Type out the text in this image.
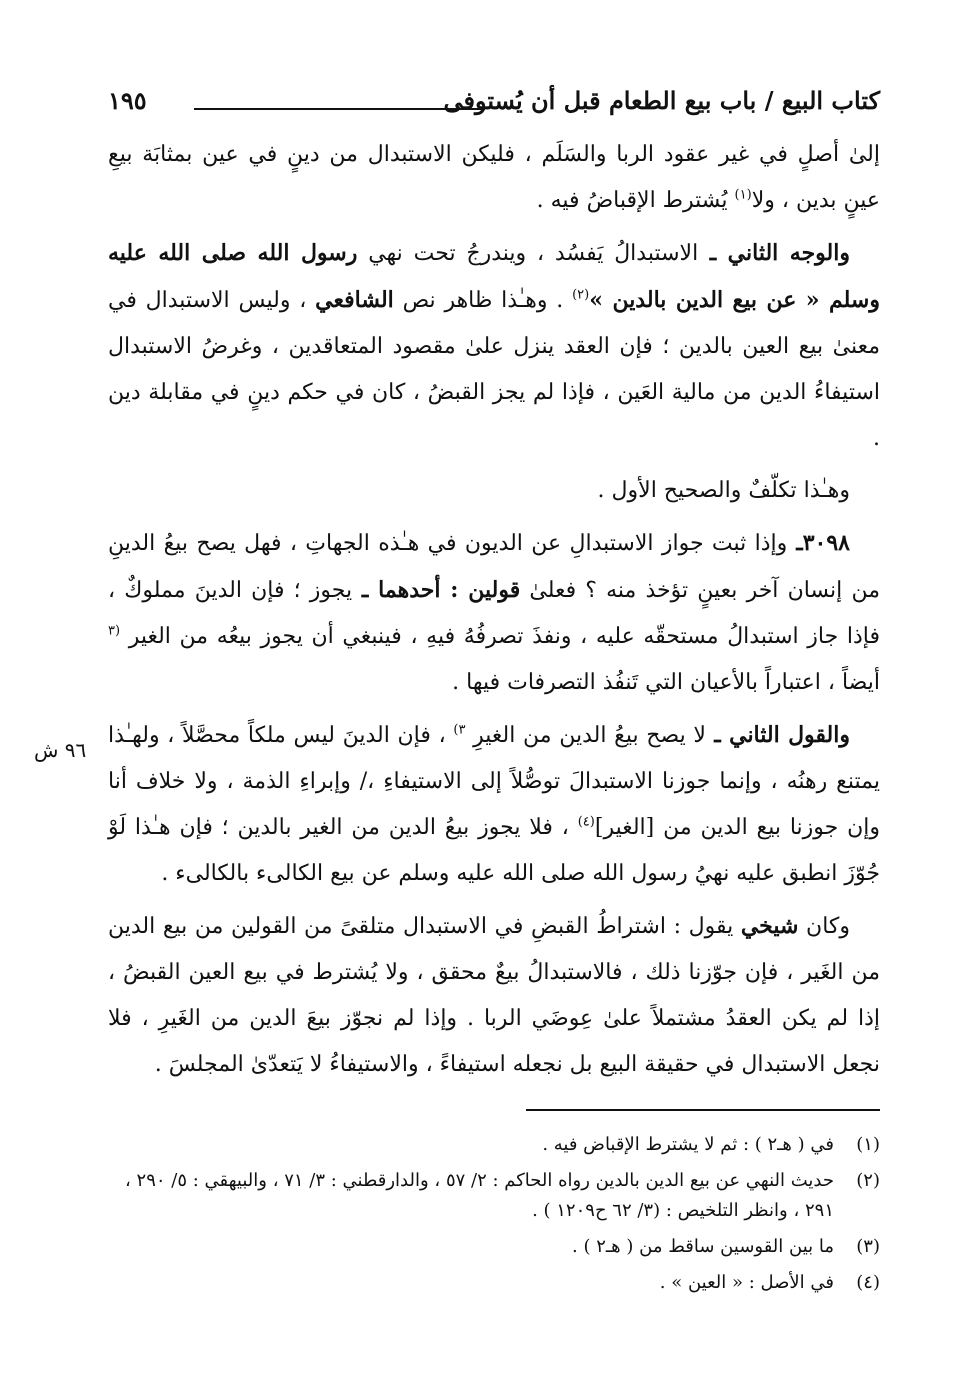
كتاب البيع / باب بيع الطعام قبل أن يُستوفى
١٩٥

إلىٰ أصلٍ في غير عقود الربا والسَلَم ، فليكن الاستبدال من دينٍ في عين بمثابَة بيعِ عينٍ بدين ، ولا$^{(١)}$ يُشترط الإقباضُ فيه .

والوجه الثاني ـ الاستبدالُ يَفسُد ، ويندرجُ تحت نهي رسول الله صلى الله عليه وسلم « عن بيع الدين بالدين »$^{(٢)}$ . وهـٰذا ظاهر نص الشافعي ، وليس الاستبدال في معنىٰ بيع العين بالدين ؛ فإن العقد ينزل علىٰ مقصود المتعاقدين ، وغرضُ الاستبدال استيفاءُ الدين من مالية العَين ، فإذا لم يجز القبضُ ، كان في حكم دينٍ في مقابلة دين .

وهـٰذا تكلّفٌ والصحيح الأول .

٣٠٩٨ـ وإذا ثبت جواز الاستبدالِ عن الديون في هـٰذه الجهاتِ ، فهل يصح بيعُ الدينِ من إنسان آخر بعينٍ تؤخذ منه ؟ فعلىٰ قولين : أحدهما ـ يجوز ؛ فإن الدينَ مملوكٌ ، فإذا جاز استبدالُ مستحقّه عليه ، ونفذَ تصرفُهُ فيهِ ، فينبغي أن يجوز بيعُه من الغير $^{(٣}$ أيضاً ، اعتباراً بالأعيان التي تَنفُذ التصرفات فيها .

والقول الثاني ـ لا يصح بيعُ الدين من الغيرِ $^{٣)}$ ، فإن الدينَ ليس ملكاً محصَّلاً ، ولهـٰذا يمتنع رهنُه ، وإنما جوزنا الاستبدالَ توصُّلاً إلى الاستيفاءِ ،/ وإبراءِ الذمة ، ولا خلاف أنا وإن جوزنا بيع الدين من [الغير]$^{(٤)}$ ، فلا يجوز بيعُ الدين من الغير بالدين ؛ فإن هـٰذا لَوْ جُوّزَ انطبق عليه نهيُ رسول الله صلى الله عليه وسلم عن بيع الكالىء بالكالىء .

وكان شيخي يقول : اشتراطُ القبضِ في الاستبدال متلقىً من القولين من بيع الدين من الغَير ، فإن جوّزنا ذلك ، فالاستبدالُ بيعٌ محقق ، ولا يُشترط في بيع العين القبضُ ، إذا لم يكن العقدُ مشتملاً علىٰ عِوضَي الربا . وإذا لم نجوّز بيعَ الدين من الغَيرِ ، فلا نجعل الاستبدال في حقيقة البيع بل نجعله استيفاءً ، والاستيفاءُ لا يَتعدّىٰ المجلسَ .

٩٦ ش
(١)
في ( هـ٢ ) : ثم لا يشترط الإقباض فيه .
(٢)
حديث النهي عن بيع الدين بالدين رواه الحاكم : ٢/ ٥٧ ، والدارقطني : ٣/ ٧١ ، والبيهقي : ٥/ ٢٩٠ ، ٢٩١ ، وانظر التلخيص : (٣/ ٦٢ ح١٢٠٩ ) .
(٣)
ما بين القوسين ساقط من ( هـ٢ ) .
(٤)
في الأصل : « العين » .
